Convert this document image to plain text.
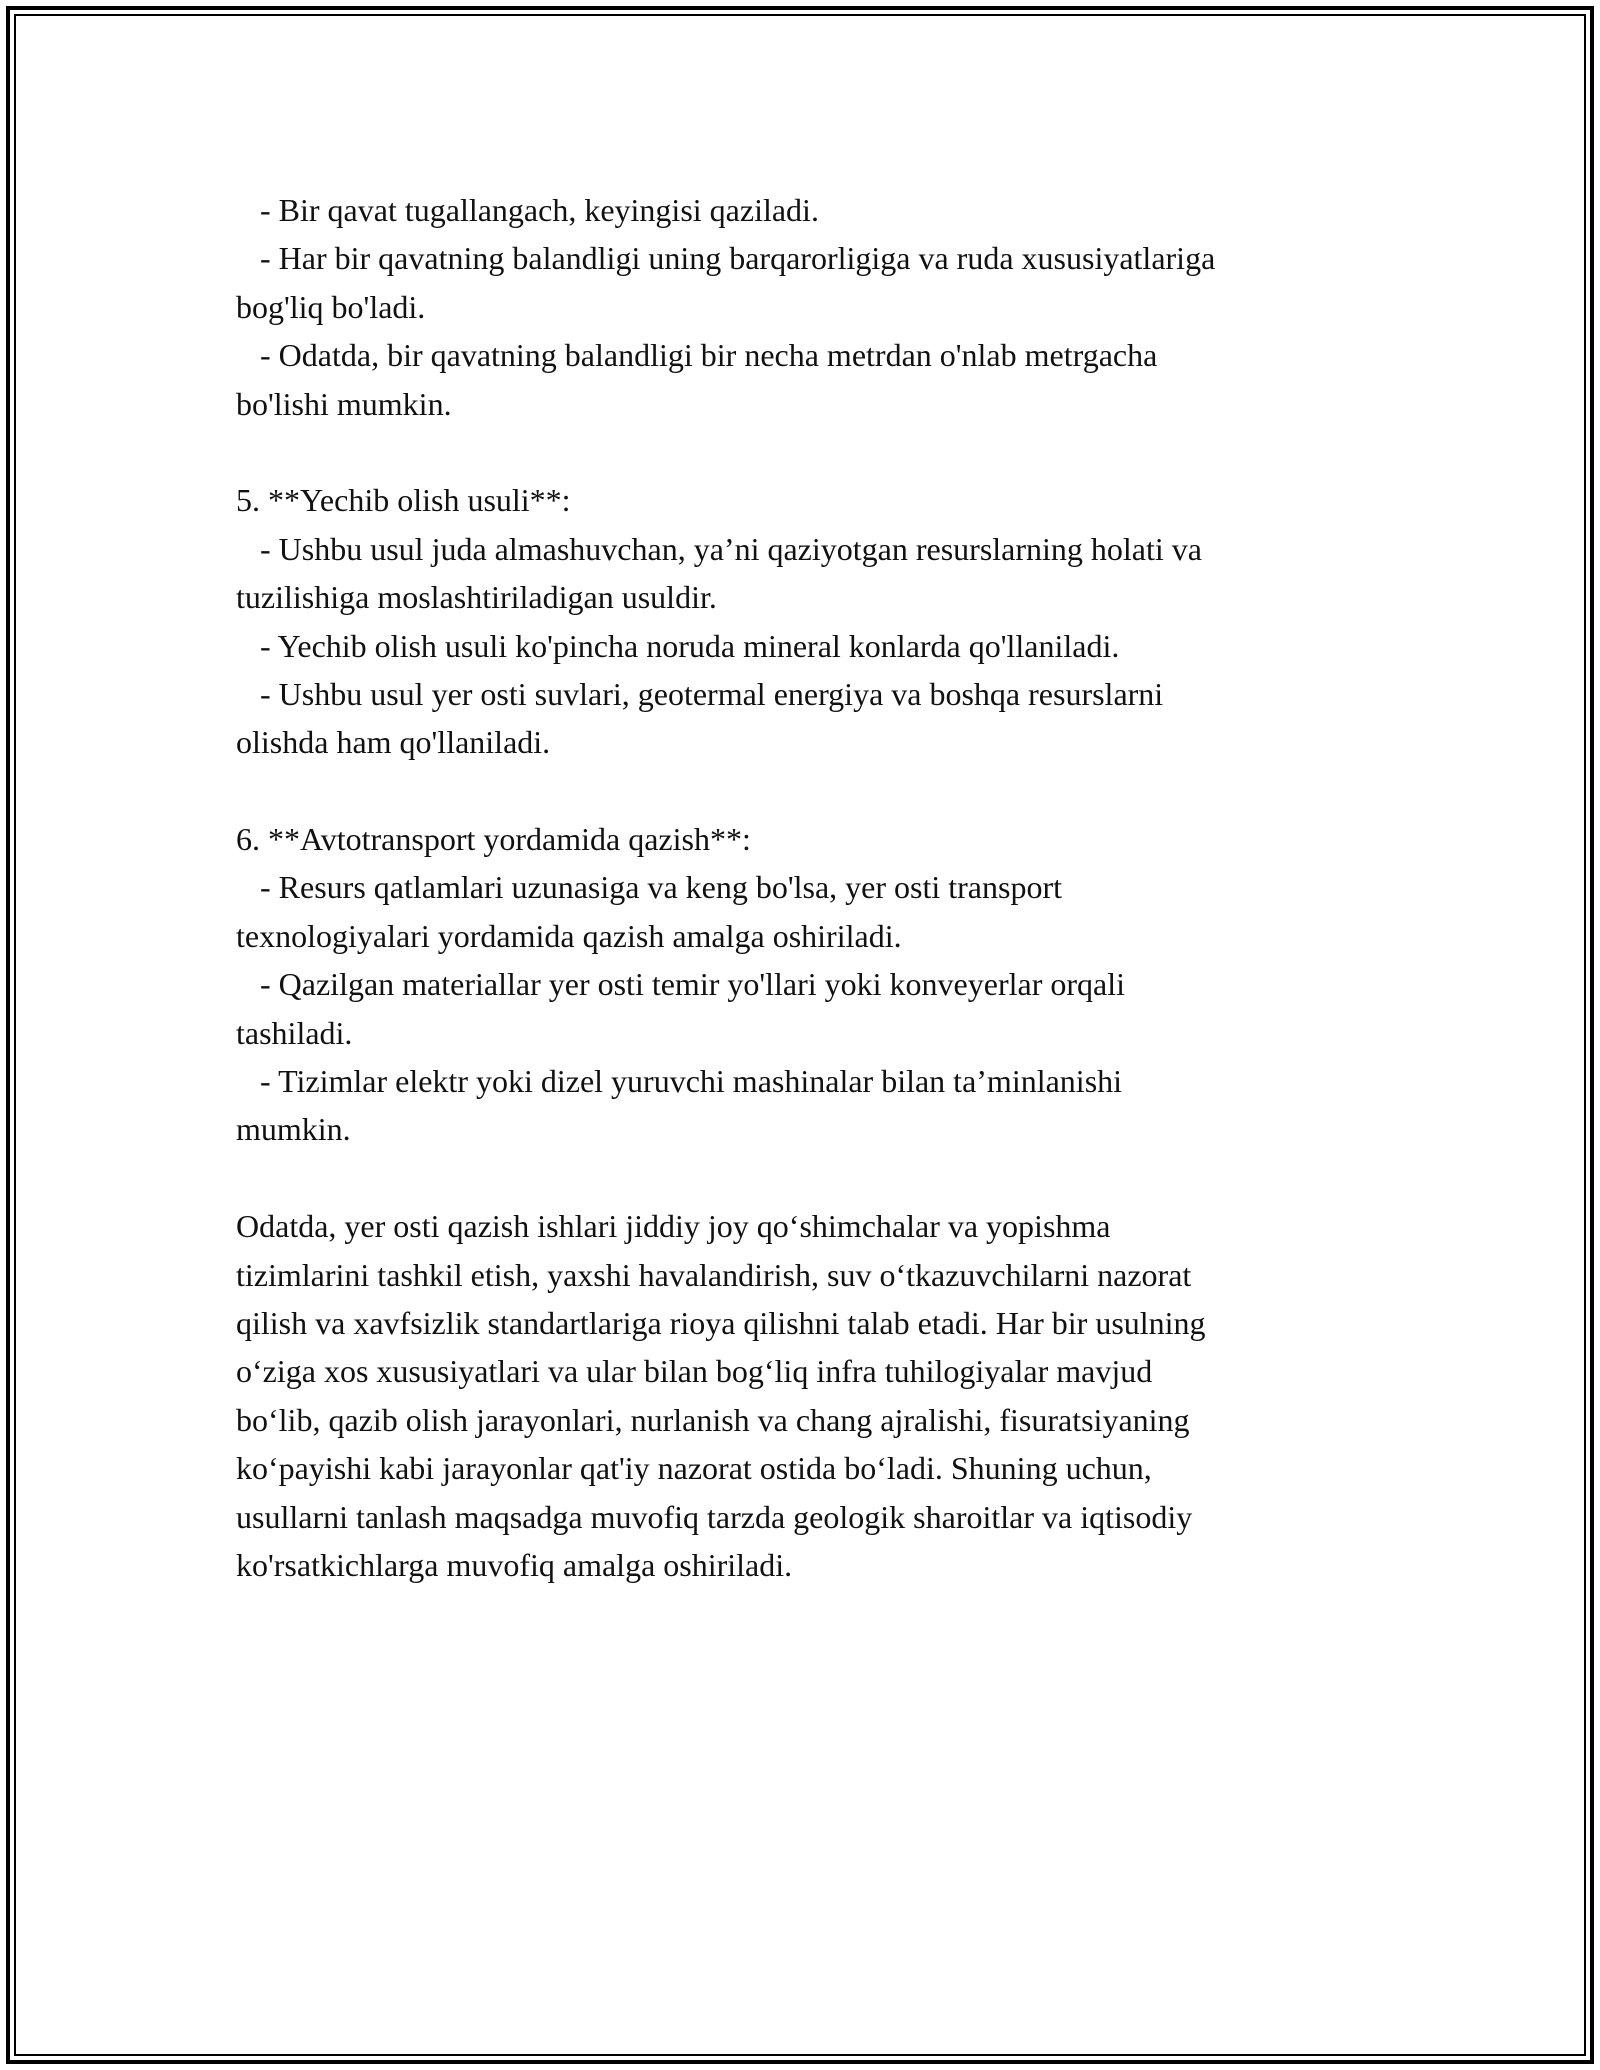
- Bir qavat tugallangach, keyingisi qaziladi.
- Har bir qavatning balandligi uning barqarorligiga va ruda xususiyatlariga
bog'liq bo'ladi.
- Odatda, bir qavatning balandligi bir necha metrdan o'nlab metrgacha
bo'lishi mumkin.
5. **Yechib olish usuli**:
- Ushbu usul juda almashuvchan, ya’ni qaziyotgan resurslarning holati va
tuzilishiga moslashtiriladigan usuldir.
- Yechib olish usuli ko'pincha noruda mineral konlarda qo'llaniladi.
- Ushbu usul yer osti suvlari, geotermal energiya va boshqa resurslarni
olishda ham qo'llaniladi.
6. **Avtotransport yordamida qazish**:
- Resurs qatlamlari uzunasiga va keng bo'lsa, yer osti transport
texnologiyalari yordamida qazish amalga oshiriladi.
- Qazilgan materiallar yer osti temir yo'llari yoki konveyerlar orqali
tashiladi.
- Tizimlar elektr yoki dizel yuruvchi mashinalar bilan ta’minlanishi
mumkin.
Odatda, yer osti qazish ishlari jiddiy joy qo‘shimchalar va yopishma
tizimlarini tashkil etish, yaxshi havalandirish, suv o‘tkazuvchilarni nazorat
qilish va xavfsizlik standartlariga rioya qilishni talab etadi. Har bir usulning
o‘ziga xos xususiyatlari va ular bilan bog‘liq infra tuhilogiyalar mavjud
bo‘lib, qazib olish jarayonlari, nurlanish va chang ajralishi, fisuratsiyaning
ko‘payishi kabi jarayonlar qat'iy nazorat ostida bo‘ladi. Shuning uchun,
usullarni tanlash maqsadga muvofiq tarzda geologik sharoitlar va iqtisodiy
ko'rsatkichlarga muvofiq amalga oshiriladi.
